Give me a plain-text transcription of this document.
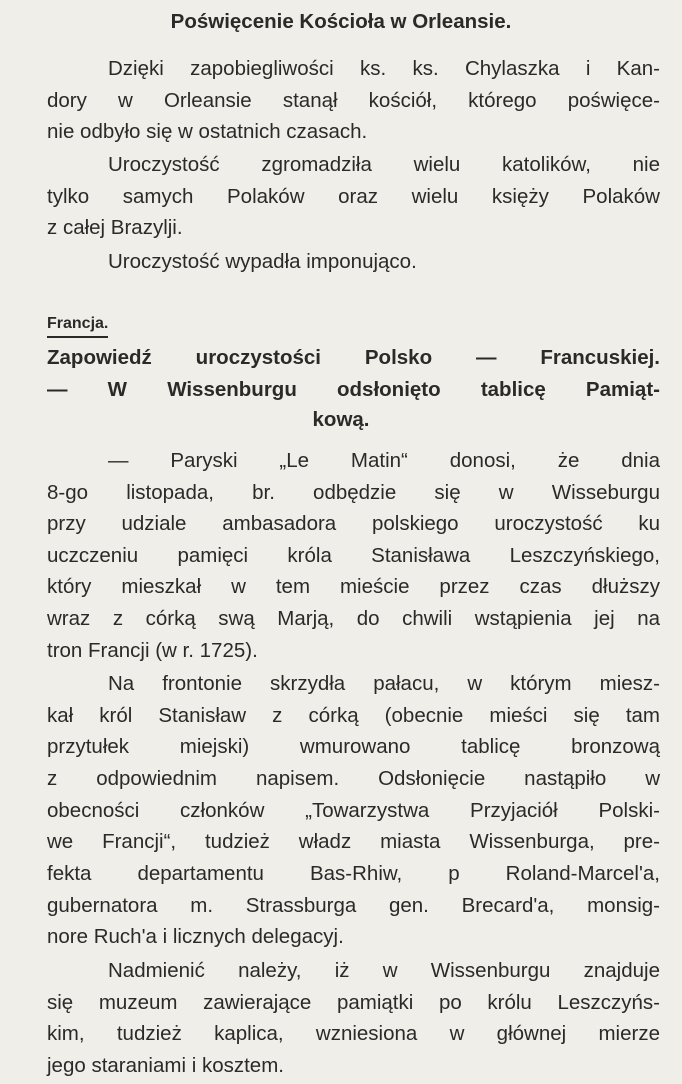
Poświęcenie Kościoła w Orleansie.
Dzięki zapobiegliwości ks. ks. Chylaszka i Kan-
dory w Orleansie stanął kościół, którego poświęce-
nie odbyło się w ostatnich czasach.
Uroczystość zgromadziła wielu katolików, nie
tylko samych Polaków oraz wielu księży Polaków
z całej Brazylji.
Uroczystość wypadła imponująco.
Francja.
Zapowiedź uroczystości Polsko — Francuskiej.
— W Wissenburgu odsłonięto tablicę Pamiąt-
kową.
— Paryski „Le Matin“ donosi, że dnia
8-go listopada, br. odbędzie się w Wisseburgu
przy udziale ambasadora polskiego uroczystość ku
uczczeniu pamięci króla Stanisława Leszczyńskiego,
który mieszkał w tem mieście przez czas dłuższy
wraz z córką swą Marją, do chwili wstąpienia jej na
tron Francji (w r. 1725).
Na frontonie skrzydła pałacu, w którym miesz-
kał król Stanisław z córką (obecnie mieści się tam
przytułek miejski) wmurowano tablicę bronzową
z odpowiednim napisem. Odsłonięcie nastąpiło w
obecności członków „Towarzystwa Przyjaciół Polski-
we Francji“, tudzież władz miasta Wissenburga, pre-
fekta departamentu Bas-Rhiw, p Roland-Marcel'a,
gubernatora m. Strassburga gen. Brecard'a, monsig-
nore Ruch'a i licznych delegacyj.
Nadmienić należy, iż w Wissenburgu znajduje
się muzeum zawierające pamiątki po królu Leszczyńs-
kim, tudzież kaplica, wzniesiona w głównej mierze
jego staraniami i kosztem.
